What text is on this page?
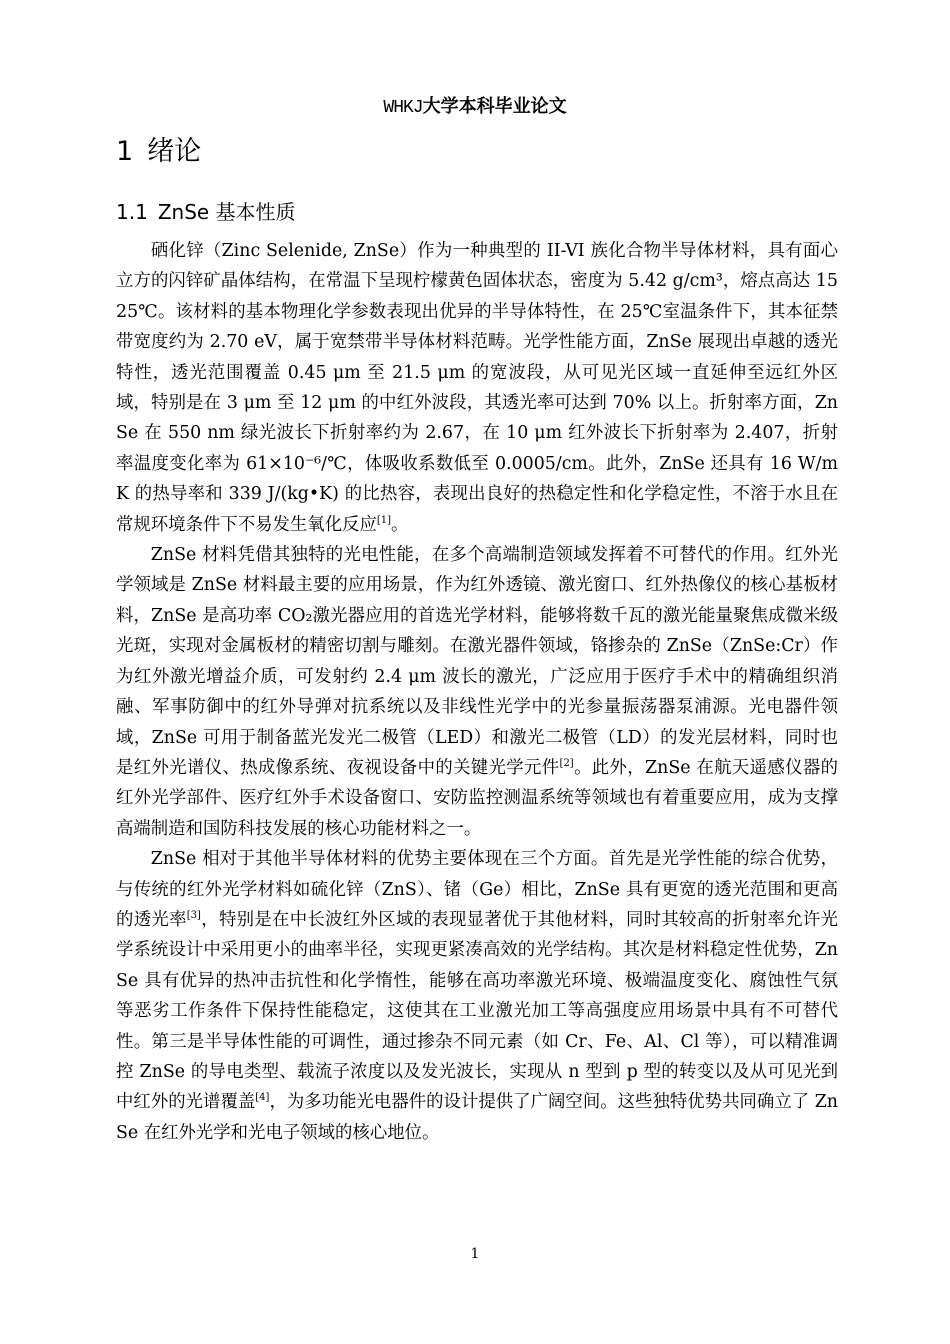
WHKJ大学本科毕业论文
1 绪论
1.1 ZnSe 基本性质

硒化锌（Zinc Selenide, ZnSe）作为一种典型的 II-VI 族化合物半导体材料，具有面心立方的闪锌矿晶体结构，在常温下呈现柠檬黄色固体状态，密度为 5.42 g/cm³，熔点高达 1525℃。该材料的基本物理化学参数表现出优异的半导体特性，在 25℃室温条件下，其本征禁带宽度约为 2.70 eV，属于宽禁带半导体材料范畴。光学性能方面，ZnSe 展现出卓越的透光特性，透光范围覆盖 0.45 μm 至 21.5 μm 的宽波段，从可见光区域一直延伸至远红外区域，特别是在 3 μm 至 12 μm 的中红外波段，其透光率可达到 70% 以上。折射率方面，ZnSe 在 550 nm 绿光波长下折射率约为 2.67，在 10 μm 红外波长下折射率为 2.407，折射率温度变化率为 61×10⁻⁶/℃，体吸收系数低至 0.0005/cm。此外，ZnSe 还具有 16 W/mK 的热导率和 339 J/(kg•K) 的比热容，表现出良好的热稳定性和化学稳定性，不溶于水且在常规环境条件下不易发生氧化反应[1]。

ZnSe 材料凭借其独特的光电性能，在多个高端制造领域发挥着不可替代的作用。红外光学领域是 ZnSe 材料最主要的应用场景，作为红外透镜、激光窗口、红外热像仪的核心基板材料，ZnSe 是高功率 CO₂激光器应用的首选光学材料，能够将数千瓦的激光能量聚焦成微米级光斑，实现对金属板材的精密切割与雕刻。在激光器件领域，铬掺杂的 ZnSe（ZnSe:Cr）作为红外激光增益介质，可发射约 2.4 μm 波长的激光，广泛应用于医疗手术中的精确组织消融、军事防御中的红外导弹对抗系统以及非线性光学中的光参量振荡器泵浦源。光电器件领域，ZnSe 可用于制备蓝光发光二极管（LED）和激光二极管（LD）的发光层材料，同时也是红外光谱仪、热成像系统、夜视设备中的关键光学元件[2]。此外，ZnSe 在航天遥感仪器的红外光学部件、医疗红外手术设备窗口、安防监控测温系统等领域也有着重要应用，成为支撑高端制造和国防科技发展的核心功能材料之一。

ZnSe 相对于其他半导体材料的优势主要体现在三个方面。首先是光学性能的综合优势，与传统的红外光学材料如硫化锌（ZnS）、锗（Ge）相比，ZnSe 具有更宽的透光范围和更高的透光率[3]，特别是在中长波红外区域的表现显著优于其他材料，同时其较高的折射率允许光学系统设计中采用更小的曲率半径，实现更紧凑高效的光学结构。其次是材料稳定性优势，ZnSe 具有优异的热冲击抗性和化学惰性，能够在高功率激光环境、极端温度变化、腐蚀性气氛等恶劣工作条件下保持性能稳定，这使其在工业激光加工等高强度应用场景中具有不可替代性。第三是半导体性能的可调性，通过掺杂不同元素（如 Cr、Fe、Al、Cl 等），可以精准调控 ZnSe 的导电类型、载流子浓度以及发光波长，实现从 n 型到 p 型的转变以及从可见光到中红外的光谱覆盖[4]，为多功能光电器件的设计提供了广阔空间。这些独特优势共同确立了 ZnSe 在红外光学和光电子领域的核心地位。

1
